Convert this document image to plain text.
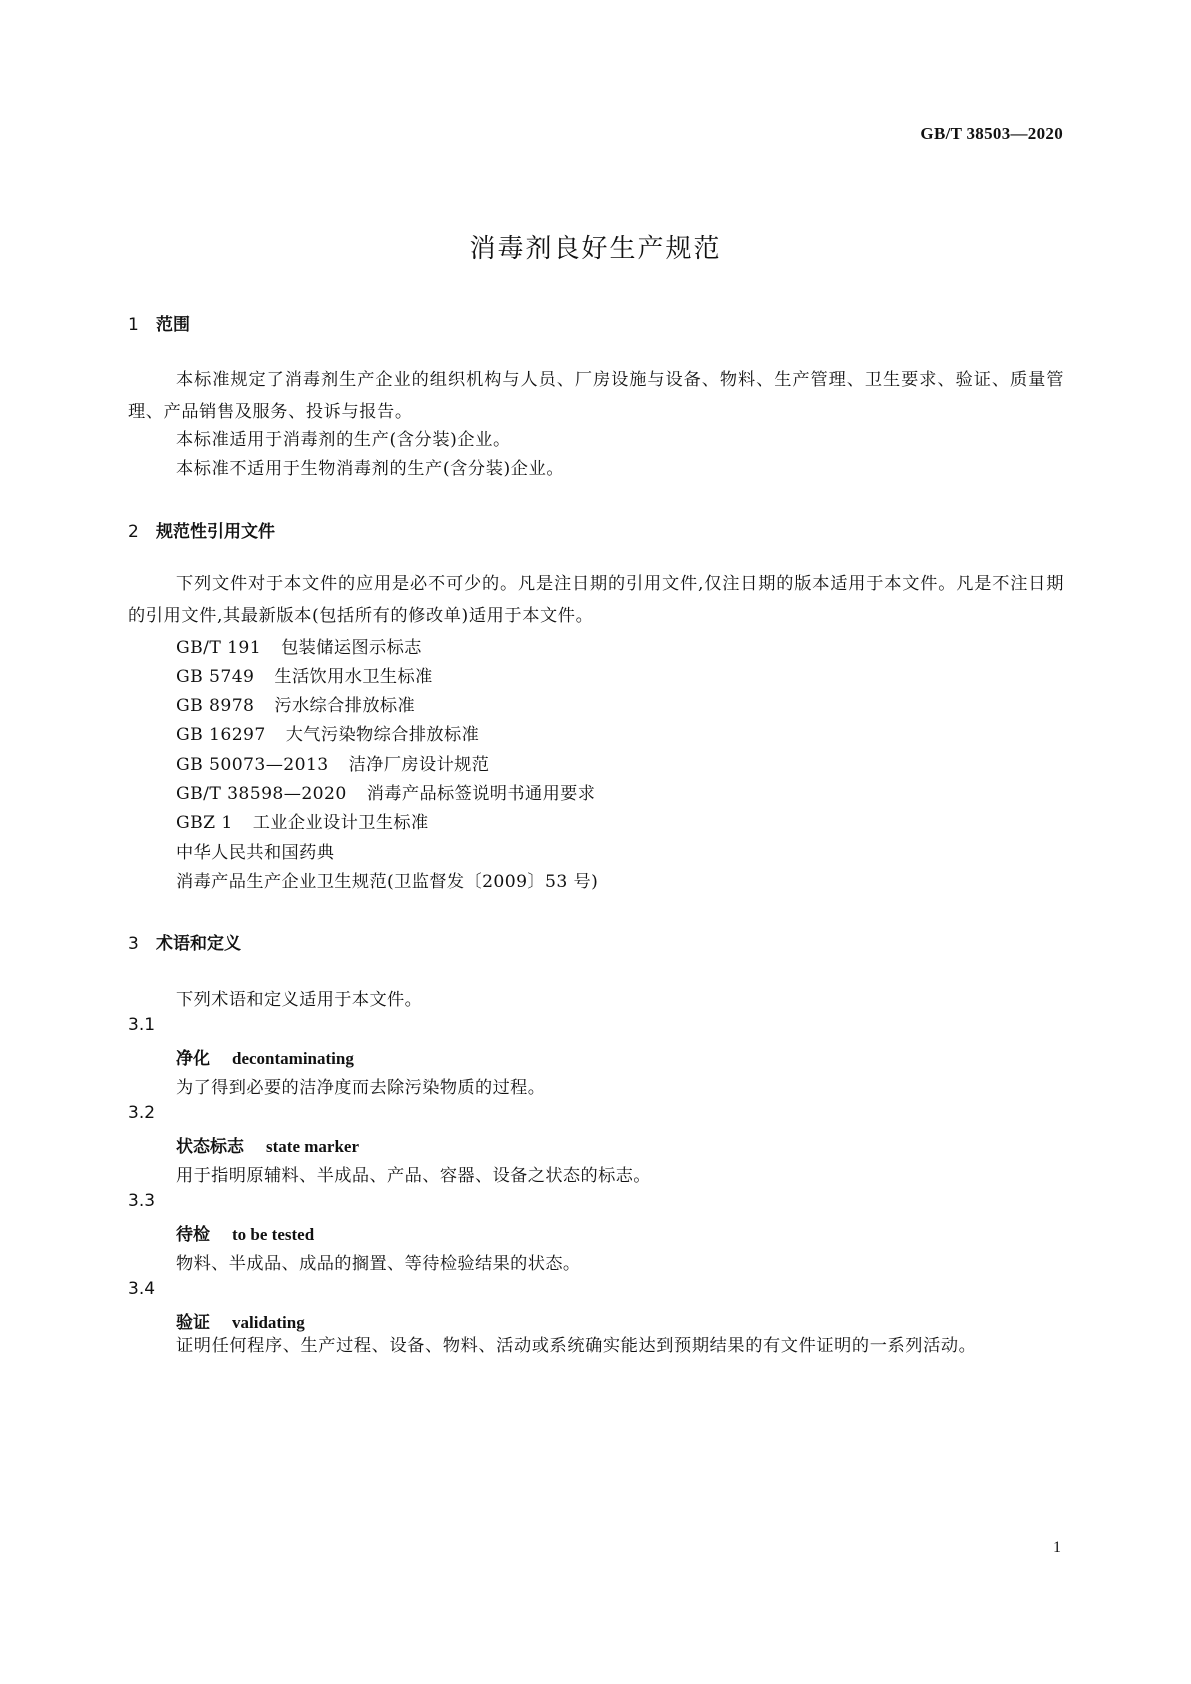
GB/T 38503—2020
消毒剂良好生产规范
1 范围
本标准规定了消毒剂生产企业的组织机构与人员、厂房设施与设备、物料、生产管理、卫生要求、验证、质量管理、产品销售及服务、投诉与报告。
本标准适用于消毒剂的生产(含分装)企业。
本标准不适用于生物消毒剂的生产(含分装)企业。
2 规范性引用文件
下列文件对于本文件的应用是必不可少的。凡是注日期的引用文件,仅注日期的版本适用于本文件。凡是不注日期的引用文件,其最新版本(包括所有的修改单)适用于本文件。
GB/T 191 包装储运图示标志
GB 5749 生活饮用水卫生标准
GB 8978 污水综合排放标准
GB 16297 大气污染物综合排放标准
GB 50073—2013 洁净厂房设计规范
GB/T 38598—2020 消毒产品标签说明书通用要求
GBZ 1 工业企业设计卫生标准
中华人民共和国药典
消毒产品生产企业卫生规范(卫监督发〔2009〕53 号)
3 术语和定义
下列术语和定义适用于本文件。
3.1
净化 decontaminating
为了得到必要的洁净度而去除污染物质的过程。
3.2
状态标志 state marker
用于指明原辅料、半成品、产品、容器、设备之状态的标志。
3.3
待检 to be tested
物料、半成品、成品的搁置、等待检验结果的状态。
3.4
验证 validating
证明任何程序、生产过程、设备、物料、活动或系统确实能达到预期结果的有文件证明的一系列活动。
1
